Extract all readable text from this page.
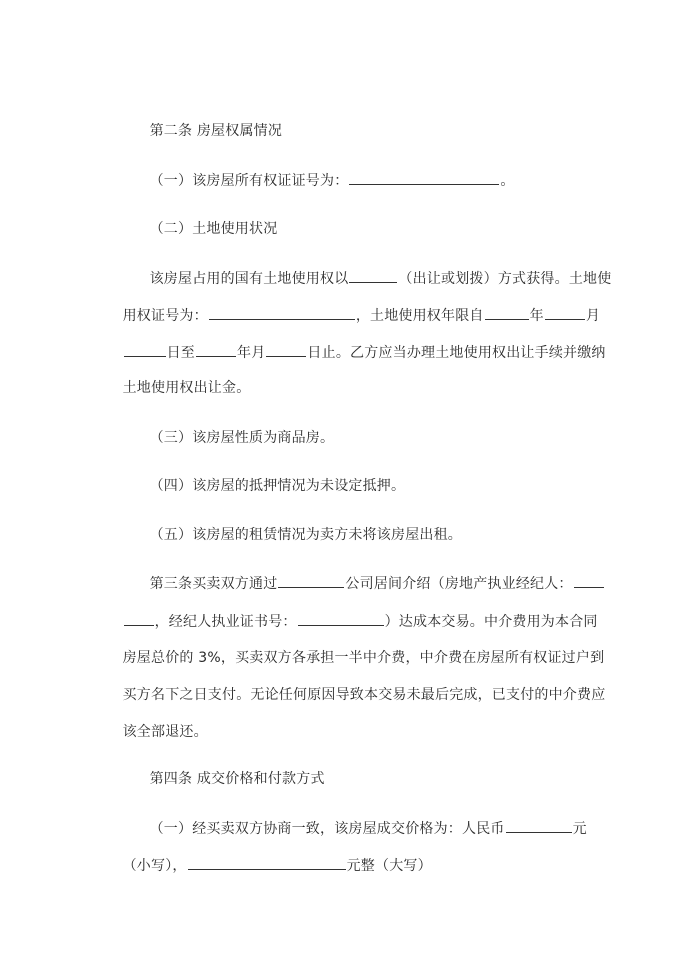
第二条 房屋权属情况

（一）该房屋所有权证证号为：	。

（二）土地使用状况

该房屋占用的国有土地使用权以	（出让或划拨）方式获得。土地使

用权证号为：	，土地使用权年限自	年	月

日至	年月	日止。乙方应当办理土地使用权出让手续并缴纳

土地使用权出让金。

（三）该房屋性质为商品房。

（四）该房屋的抵押情况为未设定抵押。

（五）该房屋的租赁情况为卖方未将该房屋出租。

第三条买卖双方通过	公司居间介绍（房地产执业经纪人：

，经纪人执业证书号：	）达成本交易。中介费用为本合同

房屋总价的 3%，买卖双方各承担一半中介费，中介费在房屋所有权证过户到

买方名下之日支付。无论任何原因导致本交易未最后完成，已支付的中介费应

该全部退还。

第四条 成交价格和付款方式

（一）经买卖双方协商一致，该房屋成交价格为：人民币	元

（小写），	元整（大写）
